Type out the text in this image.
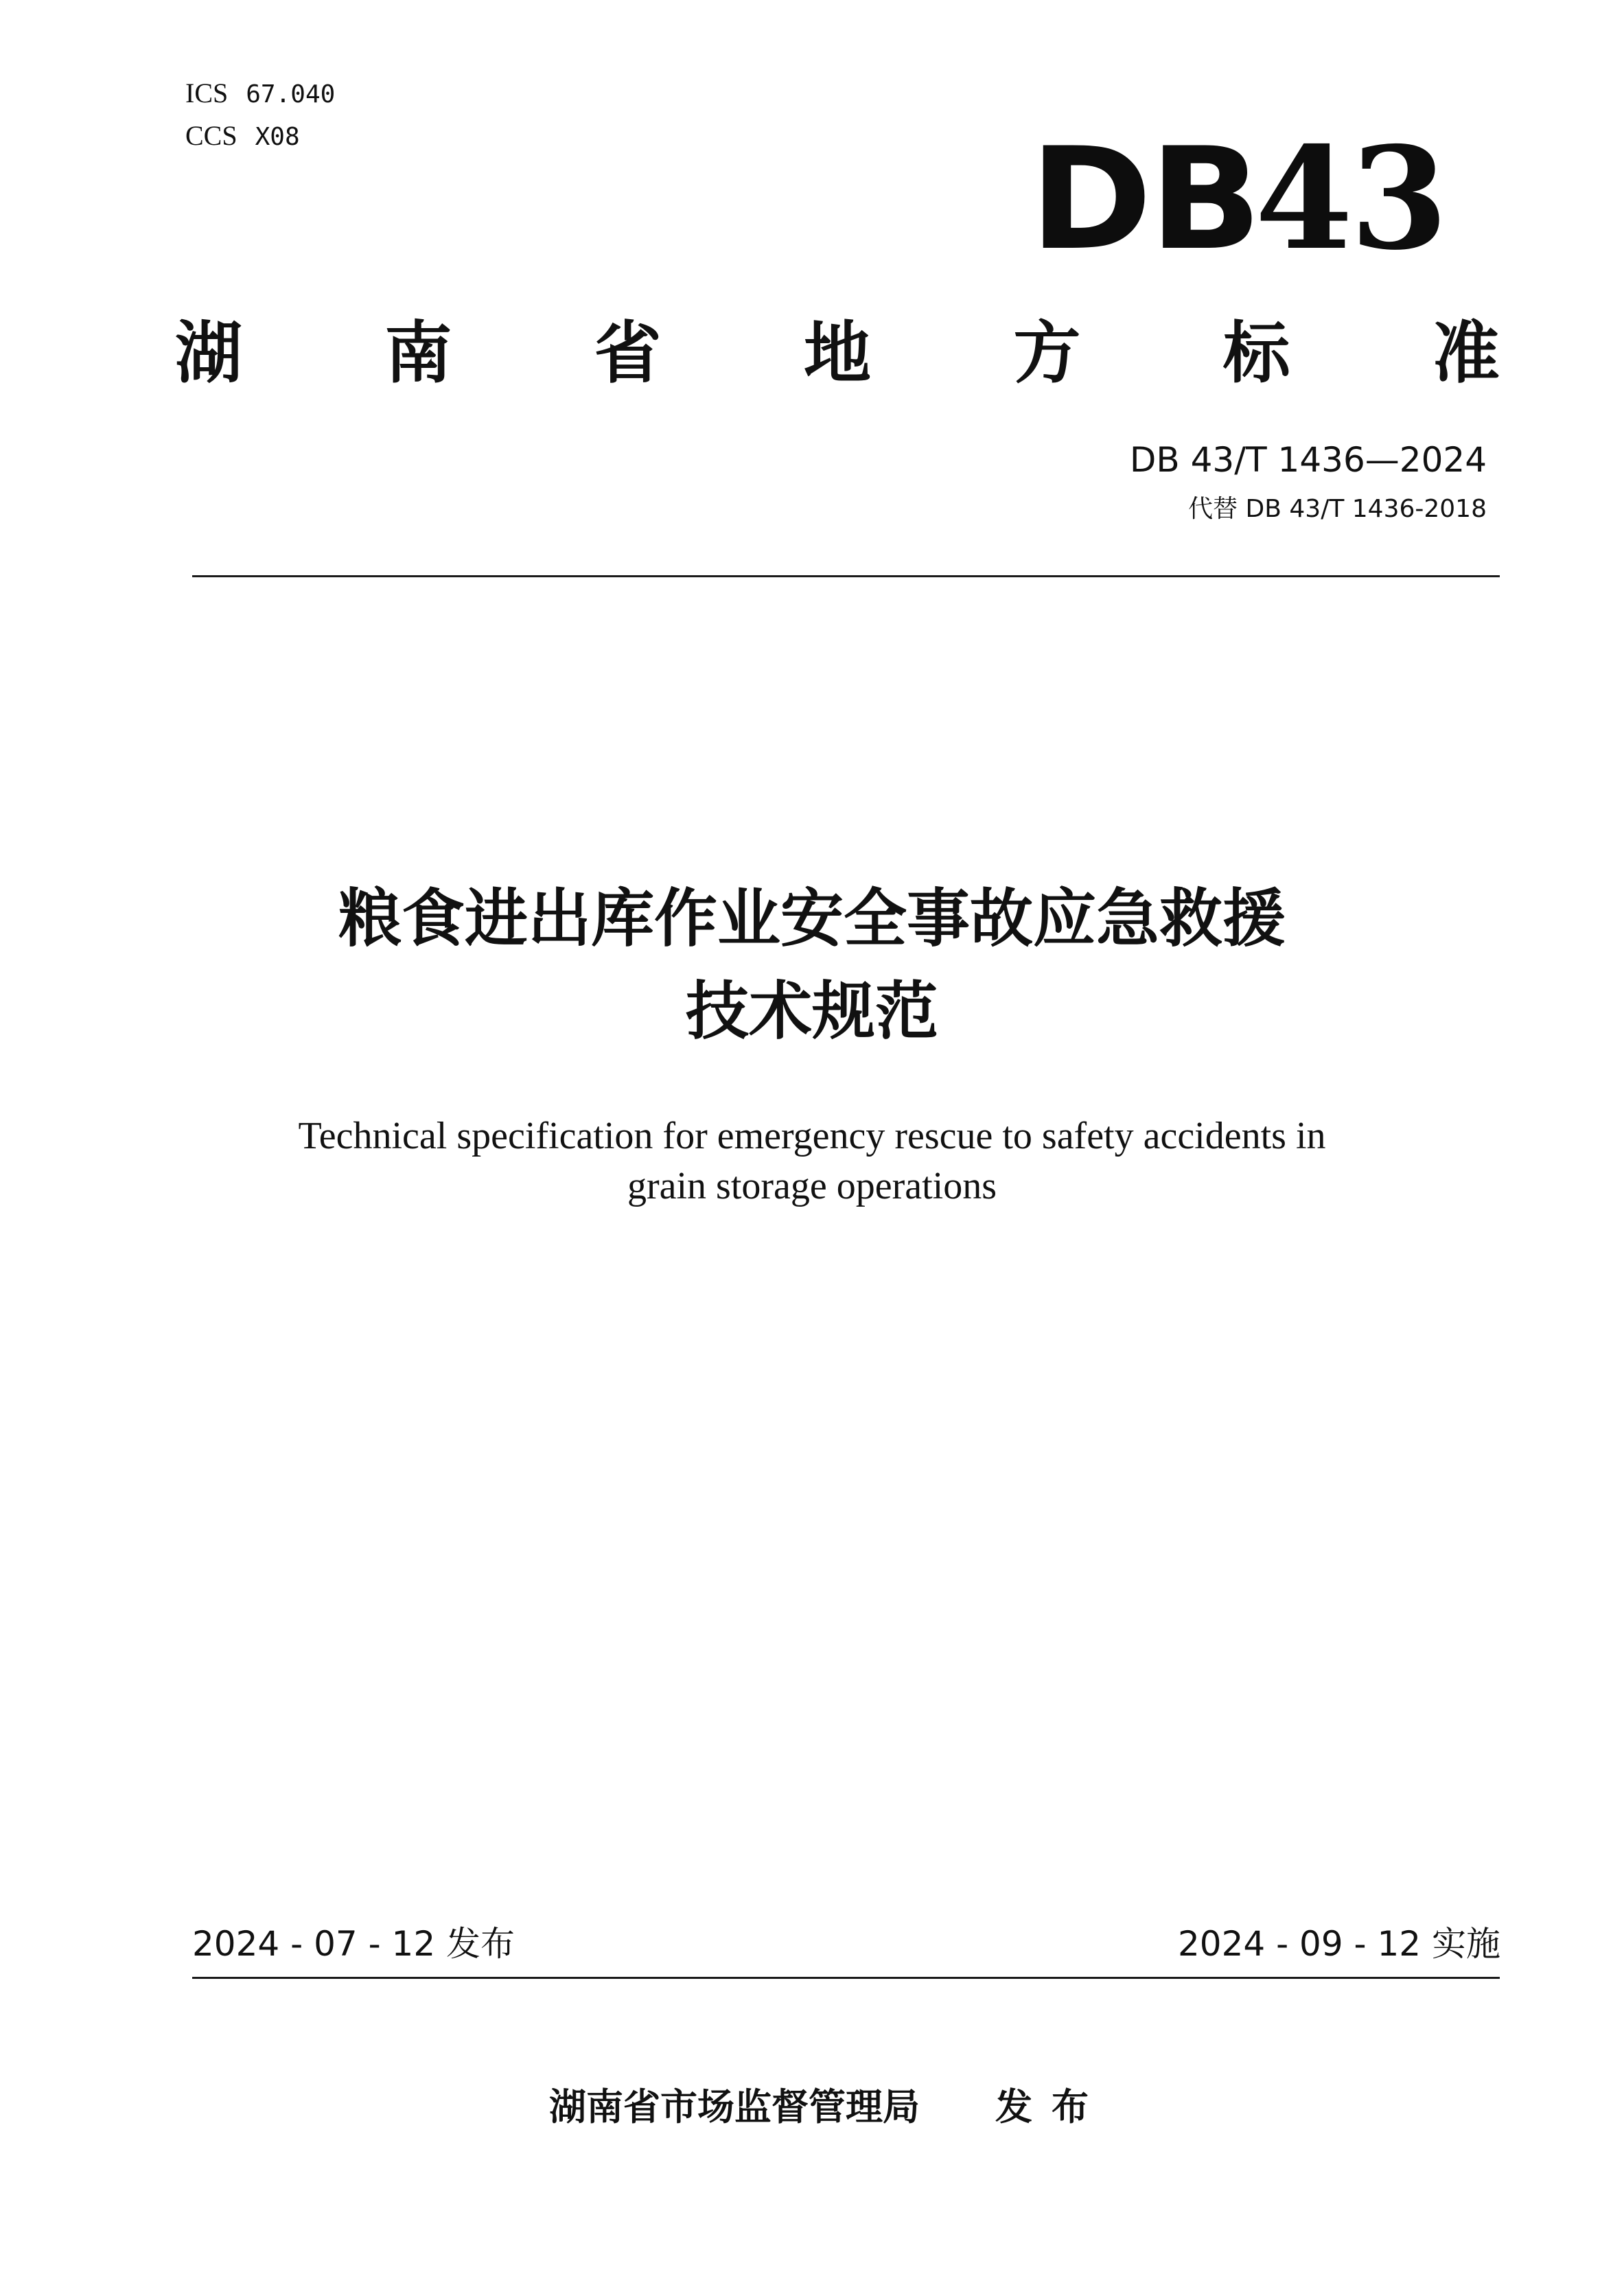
ICS 67.040
CCS X08	DB43
湖 南 省 地 方 标 准
DB 43/T 1436—2024
代替 DB 43/T 1436-2018
粮食进出库作业安全事故应急救援
技术规范
Technical specification for emergency rescue to safety accidents in
grain storage operations
2024 - 07 - 12 发布	2024 - 09 - 12 实施
湖南省市场监督管理局 发布
